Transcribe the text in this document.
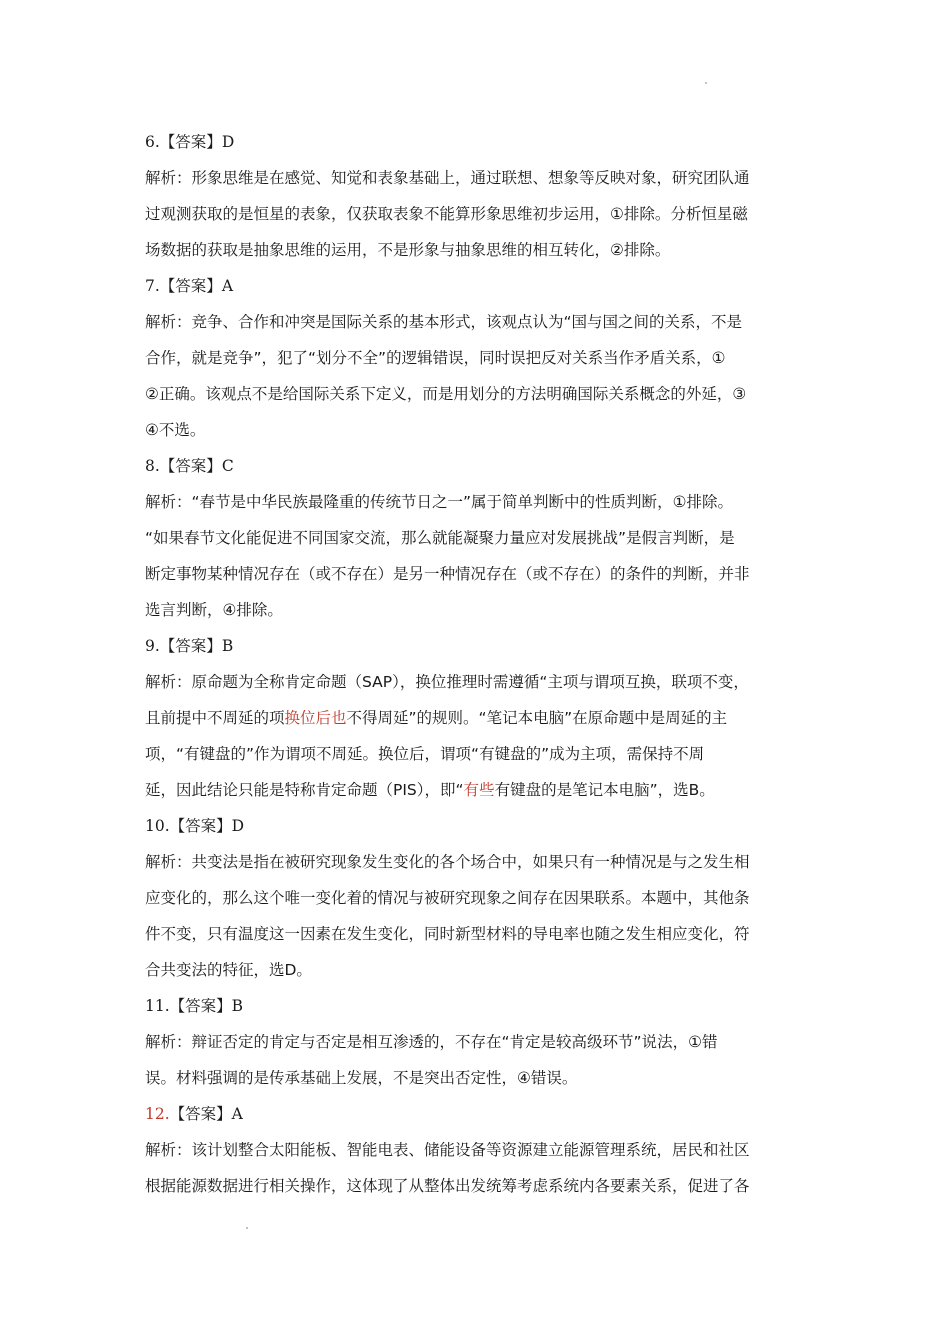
6.【答案】D
解析：形象思维是在感觉、知觉和表象基础上，通过联想、想象等反映对象，研究团队通
过观测获取的是恒星的表象，仅获取表象不能算形象思维初步运用，①排除。分析恒星磁
场数据的获取是抽象思维的运用，不是形象与抽象思维的相互转化，②排除。
7.【答案】A
解析：竞争、合作和冲突是国际关系的基本形式，该观点认为“国与国之间的关系，不是
合作，就是竞争”，犯了“划分不全”的逻辑错误，同时误把反对关系当作矛盾关系，①
②正确。该观点不是给国际关系下定义，而是用划分的方法明确国际关系概念的外延，③
④不选。
8.【答案】C
解析：“春节是中华民族最隆重的传统节日之一”属于简单判断中的性质判断，①排除。
“如果春节文化能促进不同国家交流，那么就能凝聚力量应对发展挑战”是假言判断，是
断定事物某种情况存在（或不存在）是另一种情况存在（或不存在）的条件的判断，并非
选言判断，④排除。
9.【答案】B
解析：原命题为全称肯定命题（SAP），换位推理时需遵循“主项与谓项互换，联项不变，
且前提中不周延的项换位后也不得周延”的规则。“笔记本电脑”在原命题中是周延的主
项，“有键盘的”作为谓项不周延。换位后，谓项“有键盘的”成为主项，需保持不周
延，因此结论只能是特称肯定命题（PIS），即“有些有键盘的是笔记本电脑”，选B。
10.【答案】D
解析：共变法是指在被研究现象发生变化的各个场合中，如果只有一种情况是与之发生相
应变化的，那么这个唯一变化着的情况与被研究现象之间存在因果联系。本题中，其他条
件不变，只有温度这一因素在发生变化，同时新型材料的导电率也随之发生相应变化，符
合共变法的特征，选D。
11.【答案】B
解析：辩证否定的肯定与否定是相互渗透的，不存在“肯定是较高级环节”说法，①错
误。材料强调的是传承基础上发展，不是突出否定性，④错误。
12.【答案】A
解析：该计划整合太阳能板、智能电表、储能设备等资源建立能源管理系统，居民和社区
根据能源数据进行相关操作，这体现了从整体出发统筹考虑系统内各要素关系，促进了各
